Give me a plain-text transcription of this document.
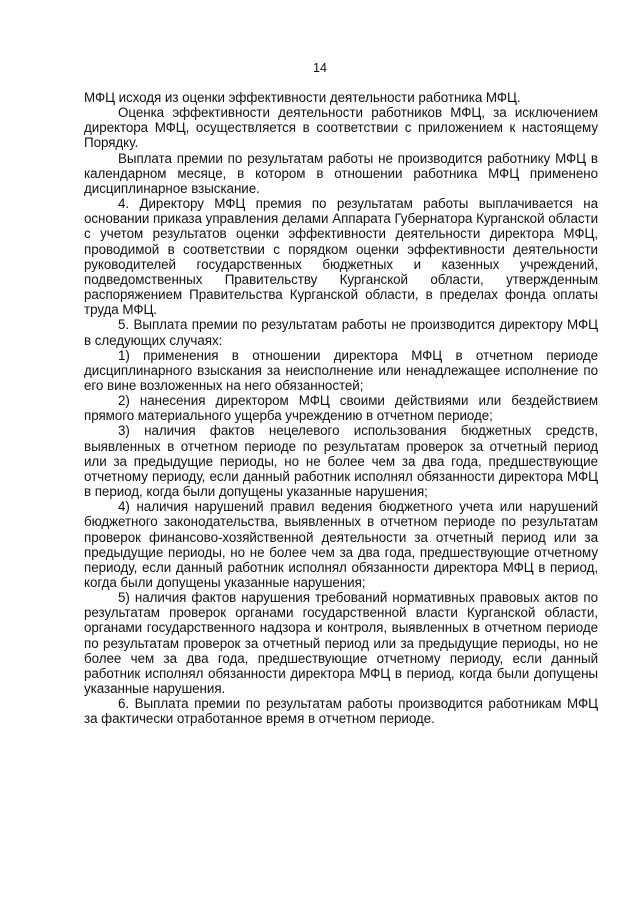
14

МФЦ исходя из оценки эффективности деятельности работника МФЦ.

Оценка эффективности деятельности работников МФЦ, за исключением директора МФЦ, осуществляется в соответствии с приложением к настоящему Порядку.

Выплата премии по результатам работы не производится работнику МФЦ в календарном месяце, в котором в отношении работника МФЦ применено дисциплинарное взыскание.

4. Директору МФЦ премия по результатам работы выплачивается на основании приказа управления делами Аппарата Губернатора Курганской области с учетом результатов оценки эффективности деятельности директора МФЦ, проводимой в соответствии с порядком оценки эффективности деятельности руководителей государственных бюджетных и казенных учреждений, подведомственных Правительству Курганской области, утвержденным распоряжением Правительства Курганской области, в пределах фонда оплаты труда МФЦ.

5. Выплата премии по результатам работы не производится директору МФЦ в следующих случаях:

1) применения в отношении директора МФЦ в отчетном периоде дисциплинарного взыскания за неисполнение или ненадлежащее исполнение по его вине возложенных на него обязанностей;

2) нанесения директором МФЦ своими действиями или бездействием прямого материального ущерба учреждению в отчетном периоде;

3) наличия фактов нецелевого использования бюджетных средств, выявленных в отчетном периоде по результатам проверок за отчетный период или за предыдущие периоды, но не более чем за два года, предшествующие отчетному периоду, если данный работник исполнял обязанности директора МФЦ в период, когда были допущены указанные нарушения;

4) наличия нарушений правил ведения бюджетного учета или нарушений бюджетного законодательства, выявленных в отчетном периоде по результатам проверок финансово-хозяйственной деятельности за отчетный период или за предыдущие периоды, но не более чем за два года, предшествующие отчетному периоду, если данный работник исполнял обязанности директора МФЦ в период, когда были допущены указанные нарушения;

5) наличия фактов нарушения требований нормативных правовых актов по результатам проверок органами государственной власти Курганской области, органами государственного надзора и контроля, выявленных в отчетном периоде по результатам проверок за отчетный период или за предыдущие периоды, но не более чем за два года, предшествующие отчетному периоду, если данный работник исполнял обязанности директора МФЦ в период, когда были допущены указанные нарушения.

6. Выплата премии по результатам работы производится работникам МФЦ за фактически отработанное время в отчетном периоде.
